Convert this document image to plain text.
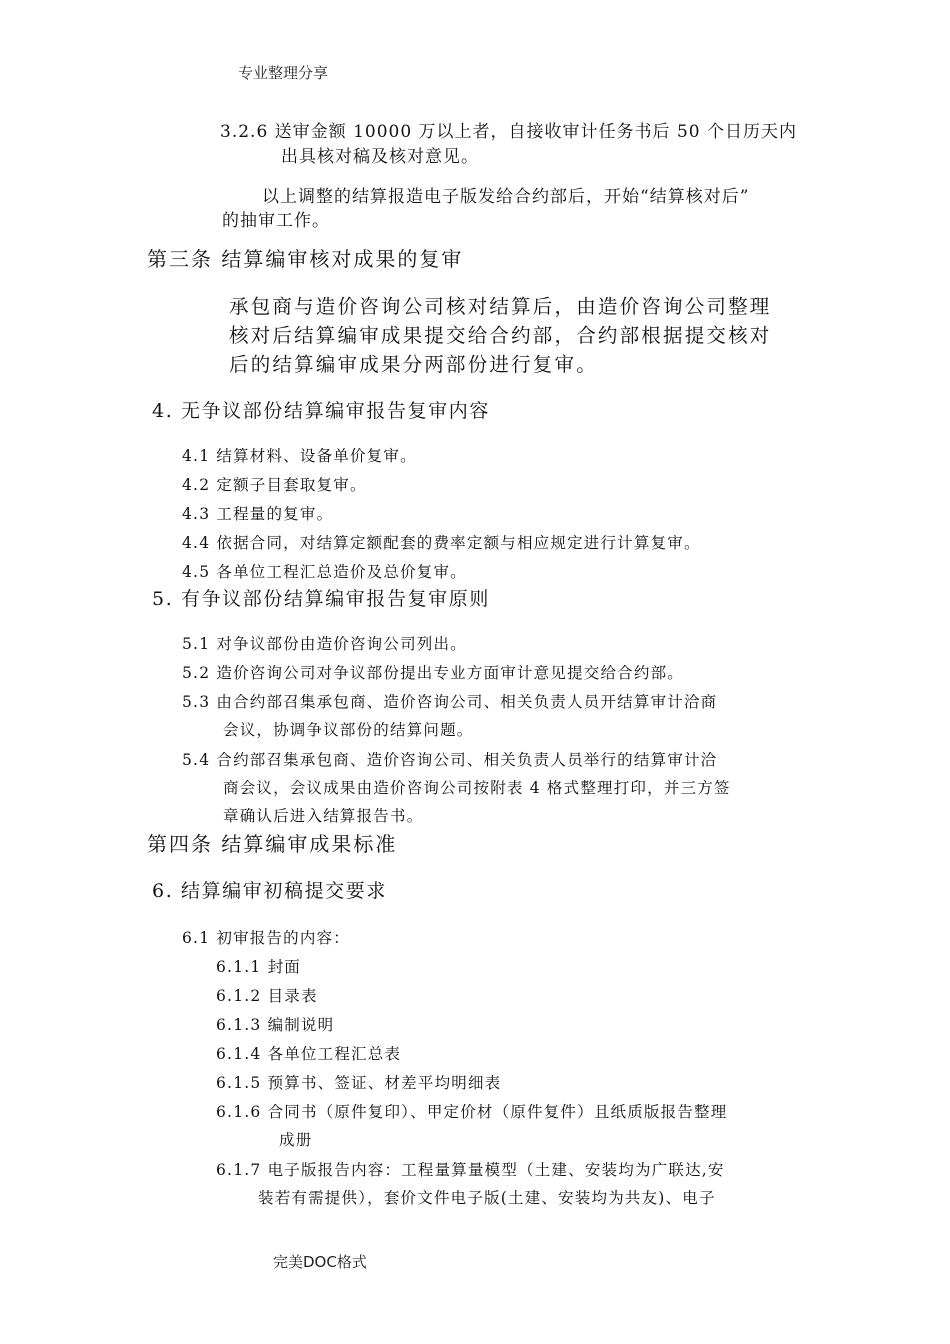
专业整理分享
3.2.6 送审金额 10000 万以上者，自接收审计任务书后 50 个日历天内
出具核对稿及核对意见。
以上调整的结算报造电子版发给合约部后，开始“结算核对后”
的抽审工作。
第三条 结算编审核对成果的复审
承包商与造价咨询公司核对结算后，由造价咨询公司整理
核对后结算编审成果提交给合约部，合约部根据提交核对
后的结算编审成果分两部份进行复审。
4. 无争议部份结算编审报告复审内容
4.1 结算材料、设备单价复审。
4.2 定额子目套取复审。
4.3 工程量的复审。
4.4 依据合同，对结算定额配套的费率定额与相应规定进行计算复审。
4.5 各单位工程汇总造价及总价复审。
5. 有争议部份结算编审报告复审原则
5.1 对争议部份由造价咨询公司列出。
5.2 造价咨询公司对争议部份提出专业方面审计意见提交给合约部。
5.3 由合约部召集承包商、造价咨询公司、相关负责人员开结算审计洽商
会议，协调争议部份的结算问题。
5.4 合约部召集承包商、造价咨询公司、相关负责人员举行的结算审计洽
商会议，会议成果由造价咨询公司按附表 4 格式整理打印，并三方签
章确认后进入结算报告书。
第四条 结算编审成果标准
6. 结算编审初稿提交要求
6.1 初审报告的内容：
6.1.1 封面
6.1.2 目录表
6.1.3 编制说明
6.1.4 各单位工程汇总表
6.1.5 预算书、签证、材差平均明细表
6.1.6 合同书（原件复印）、甲定价材（原件复件）且纸质版报告整理
成册
6.1.7 电子版报告内容：工程量算量模型（土建、安装均为广联达,安
装若有需提供），套价文件电子版(土建、安装均为共友)、电子
完美DOC格式
